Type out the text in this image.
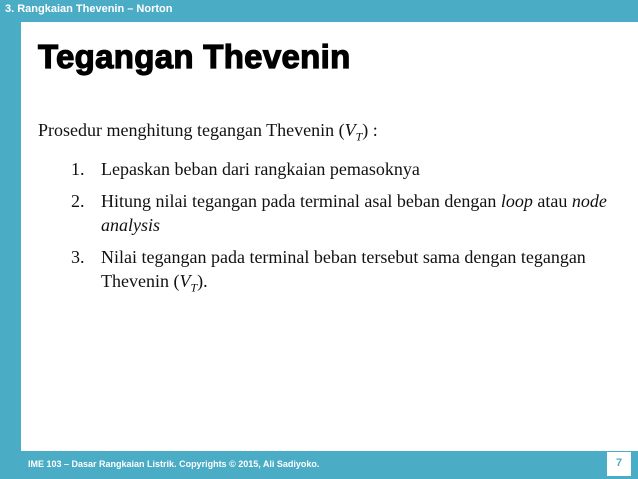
3. Rangkaian Thevenin – Norton
Tegangan Thevenin

Prosedur menghitung tegangan Thevenin $(V_T)$ :

1. Lepaskan beban dari rangkaian pemasoknya
2. Hitung nilai tegangan pada terminal asal beban dengan loop atau node analysis
3. Nilai tegangan pada terminal beban tersebut sama dengan tegangan Thevenin $(V_T)$.
IME 103 – Dasar Rangkaian Listrik. Copyrights © 2015, Ali Sadiyoko.	7
